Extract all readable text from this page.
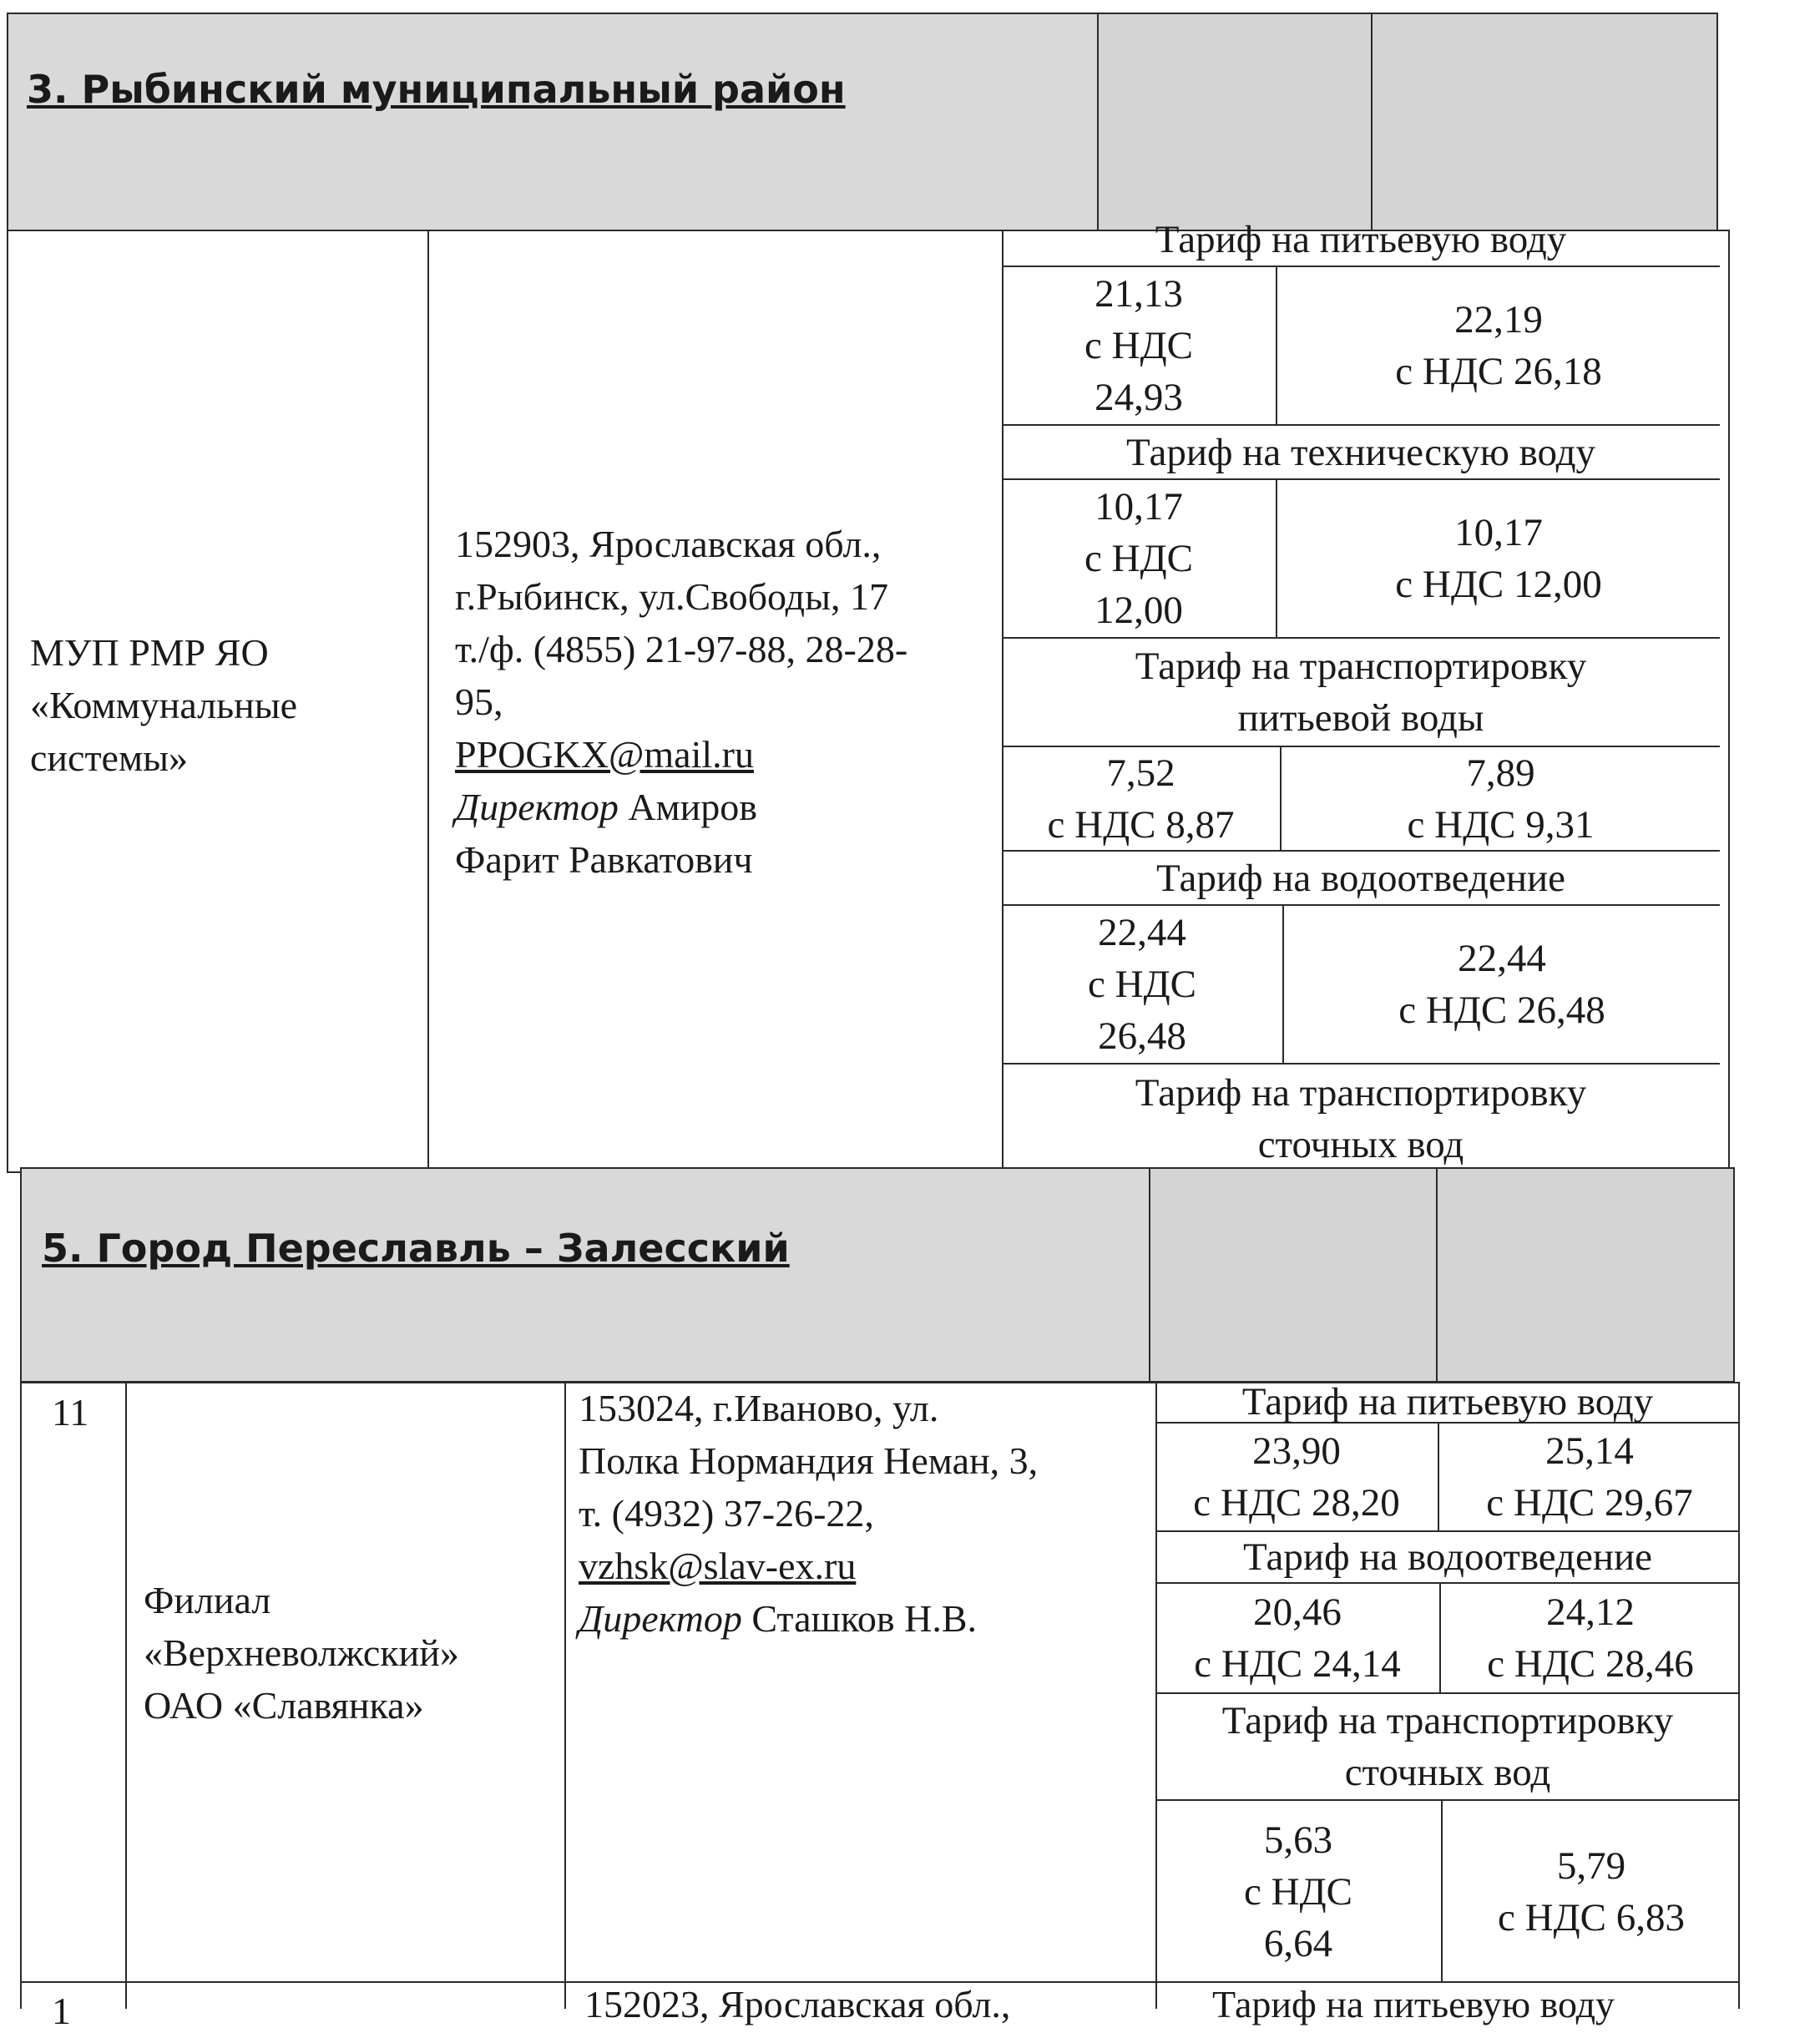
3. Рыбинский муниципальный район
МУП РМР ЯО
«Коммунальные
системы»
152903, Ярославская обл.,
г.Рыбинск, ул.Свободы, 17
т./ф. (4855) 21-97-88, 28-28-
95,
PPOGKX@mail.ru
Директор Амиров
Фарит Равкатович
Тариф на питьевую воду
21,13
с НДС
24,93
22,19
с НДС 26,18
Тариф на техническую воду
10,17
с НДС
12,00
10,17
с НДС 12,00
Тариф на транспортировку
питьевой воды
7,52
с НДС 8,87
7,89
с НДС 9,31
Тариф на водоотведение
22,44
с НДС
26,48
22,44
с НДС 26,48
Тариф на транспортировку
сточных вод
5. Город Переславль – Залесский
11
Филиал
«Верхневолжский»
ОАО «Славянка»
153024, г.Иваново, ул.
Полка Нормандия Неман, 3,
т. (4932) 37-26-22,
vzhsk@slav-ex.ru
Директор Сташков Н.В.
Тариф на питьевую воду
23,90
с НДС 28,20
25,14
с НДС 29,67
Тариф на водоотведение
20,46
с НДС 24,14
24,12
с НДС 28,46
Тариф на транспортировку
сточных вод
5,63
с НДС
6,64
5,79
с НДС 6,83
1	152023, Ярославская обл.,	Тариф на питьевую воду
